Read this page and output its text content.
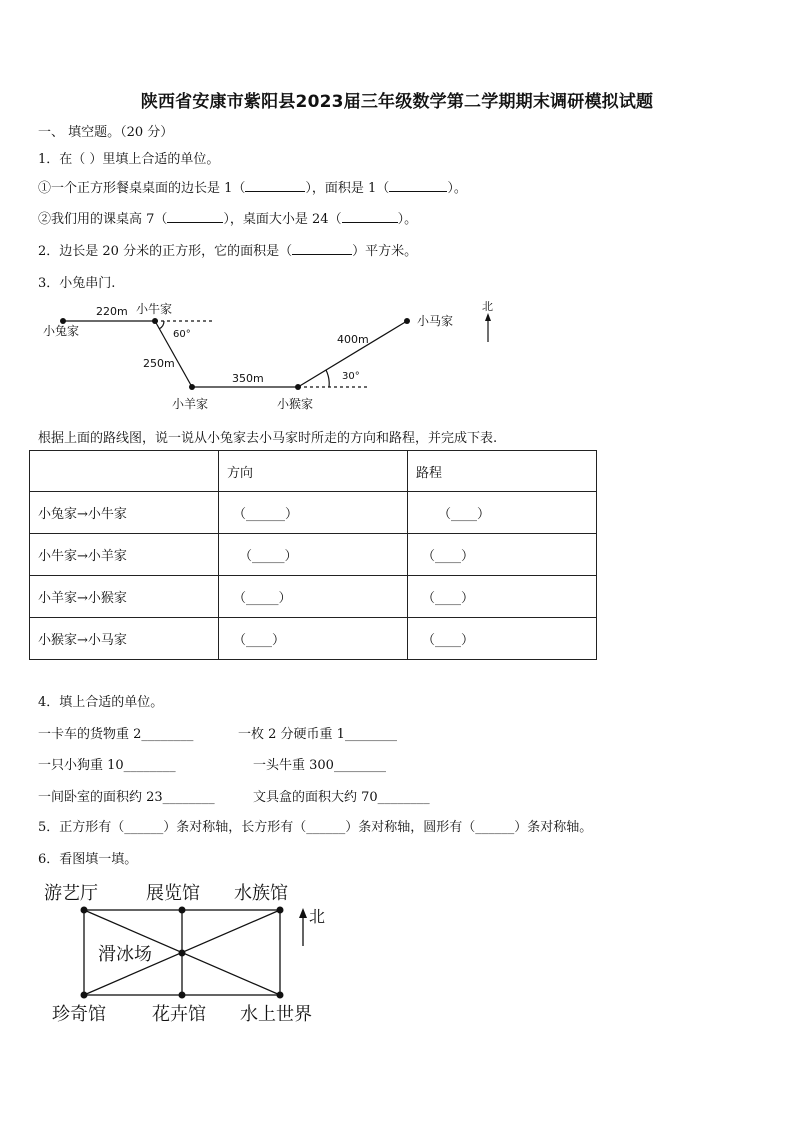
陕西省安康市紫阳县2023届三年级数学第二学期期末调研模拟试题
一、 填空题。（20 分）
1．在（ ）里填上合适的单位。
①一个正方形餐桌桌面的边长是 1（	），面积是 1（	）。
②我们用的课桌高 7（	），桌面大小是 24（	）。
2．边长是 20 分米的正方形，它的面积是（	）平方米。
3．小兔串门.
小兔家
小牛家
小羊家	小猴家
小马家
220m
250m
350m
400m
60°
30°
北
根据上面的路线图，说一说从小兔家去小马家时所走的方向和路程，并完成下表.
	方向	路程
小兔家→小牛家	（______）	（____）
小牛家→小羊家	（_____）	（____）
小羊家→小猴家	（_____）	（____）
小猴家→小马家	（____）	（____）
4．填上合适的单位。
一卡车的货物重 2________	一枚 2 分硬币重 1________
一只小狗重 10________	一头牛重 300________
一间卧室的面积约 23________	文具盒的面积大约 70________
5．正方形有（______）条对称轴，长方形有（______）条对称轴，圆形有（______）条对称轴。
6．看图填一填。
游艺厅	展览馆 水族馆
滑冰场
珍奇馆	花卉馆 水上世界
北
